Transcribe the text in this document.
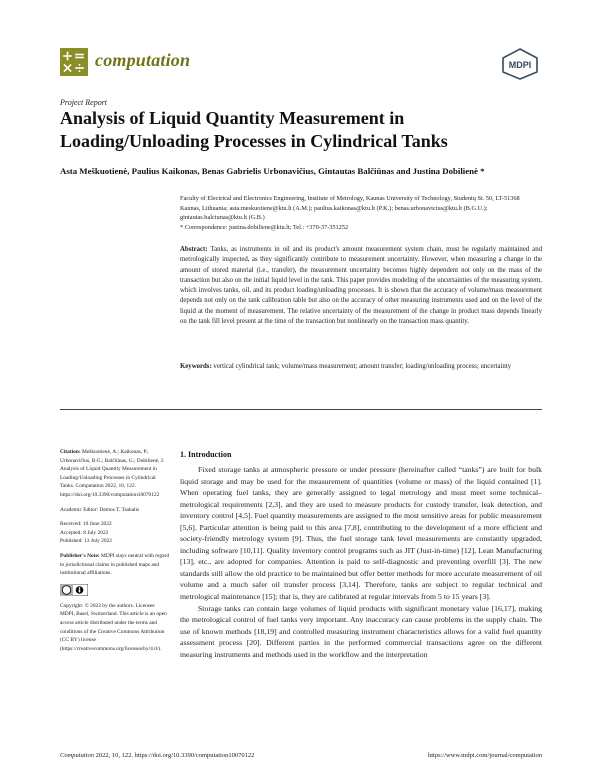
computation	MDPI
Project Report
Analysis of Liquid Quantity Measurement in Loading/Unloading Processes in Cylindrical Tanks
Asta Meškuotienė, Paulius Kaikonas, Benas Gabrielis Urbonavičius, Gintautas Balčiūnas and Justina Dobilienė *
Faculty of Electrical and Electronics Engineering, Institute of Metrology, Kaunas University of Technology, Studentų St. 50, LT-51368 Kaunas, Lithuania; asta.meskuotiene@ktu.lt (A.M.); paulius.kaikonas@ktu.lt (P.K.); benas.urbonavicius@ktu.lt (B.G.U.); gintautas.balciunas@ktu.lt (G.B.)
* Correspondence: justina.dobiliene@ktu.lt; Tel.: +370-37-351252
Abstract: Tanks, as instruments in oil and its product's amount measurement system chain, must be regularly maintained and metrologically inspected, as they significantly contribute to measurement uncertainty. However, when measuring a change in the amount of stored material (i.e., transfer), the measurement uncertainty becomes highly dependent not only on the mass of the transaction but also on the initial liquid level in the tank. This paper provides modeling of the uncertainties of the measuring system, which involves tanks, oil, and its product loading/unloading processes. It is shown that the accuracy of volume/mass measurement depends not only on the tank calibration table but also on the accuracy of other measuring instruments used and on the level of the liquid at the moment of measurement. The relative uncertainty of the measurement of the change in product mass depends linearly on the tank fill level present at the time of the transaction but nonlinearly on the transaction mass quantity.
Keywords: vertical cylindrical tank; volume/mass measurement; amount transfer; loading/unloading process; uncertainty
Citation: Meškuotienė, A.; Kaikonas, P.; Urbonavičius, B.G.; Balčiūnas, G.; Dobilienė, J. Analysis of Liquid Quantity Measurement in Loading/Unloading Processes in Cylindrical Tanks. Computation 2022, 10, 122. https://doi.org/10.3390/computation10070122
Academic Editor: Demos T. Tsahalis
Received: 10 June 2022
Accepted: 8 July 2022
Published: 13 July 2022
Publisher's Note: MDPI stays neutral with regard to jurisdictional claims in published maps and institutional affiliations.
Copyright: © 2022 by the authors. Licensee MDPI, Basel, Switzerland. This article is an open access article distributed under the terms and conditions of the Creative Commons Attribution (CC BY) license (https://creativecommons.org/licenses/by/4.0/).
1. Introduction

Fixed storage tanks at atmospheric pressure or under pressure (hereinafter called “tanks”) are built for bulk liquid storage and may be used for the measurement of quantities (volume or mass) of the liquid contained [1]. When operating fuel tanks, they are generally assigned to legal metrology and must meet some technical–metrological requirements [2,3], and they are used to measure products for custody transfer, leak detection, and inventory control [4,5]. Fuel quantity measurements are assigned to the most sensitive areas for public measurement [5,6]. Particular attention is being paid to this area [7,8], contributing to the development of a more efficient and society-friendly metrology system [9]. Thus, the fuel storage tank level measurements are constantly upgraded, including software [10,11]. Quality inventory control programs such as JIT (Just-in-time) [12], Lean Manufacturing [13], etc., are adopted for companies. Attention is paid to self-diagnostic and preventing overfill [3]. The new standards still allow the old practice to be maintained but offer better methods for more accurate measurement of oil volume and a much safer oil transfer process [3,14]. Therefore, tanks are subject to regular technical and metrological maintenance [15]; that is, they are calibrated at regular intervals from 5 to 15 years [3].

Storage tanks can contain large volumes of liquid products with significant monetary value [16,17], making the metrological control of fuel tanks very important. Any inaccuracy can cause problems in the supply chain. The use of known methods [18,19] and controlled measuring instrument characteristics allows for a valid fuel quantity assessment process [20]. Different parties in the performed commercial transactions agree on the different measuring instruments and methods used in the workflow and the interpretation

Computation 2022, 10, 122. https://doi.org/10.3390/computation10070122	https://www.mdpi.com/journal/computation
